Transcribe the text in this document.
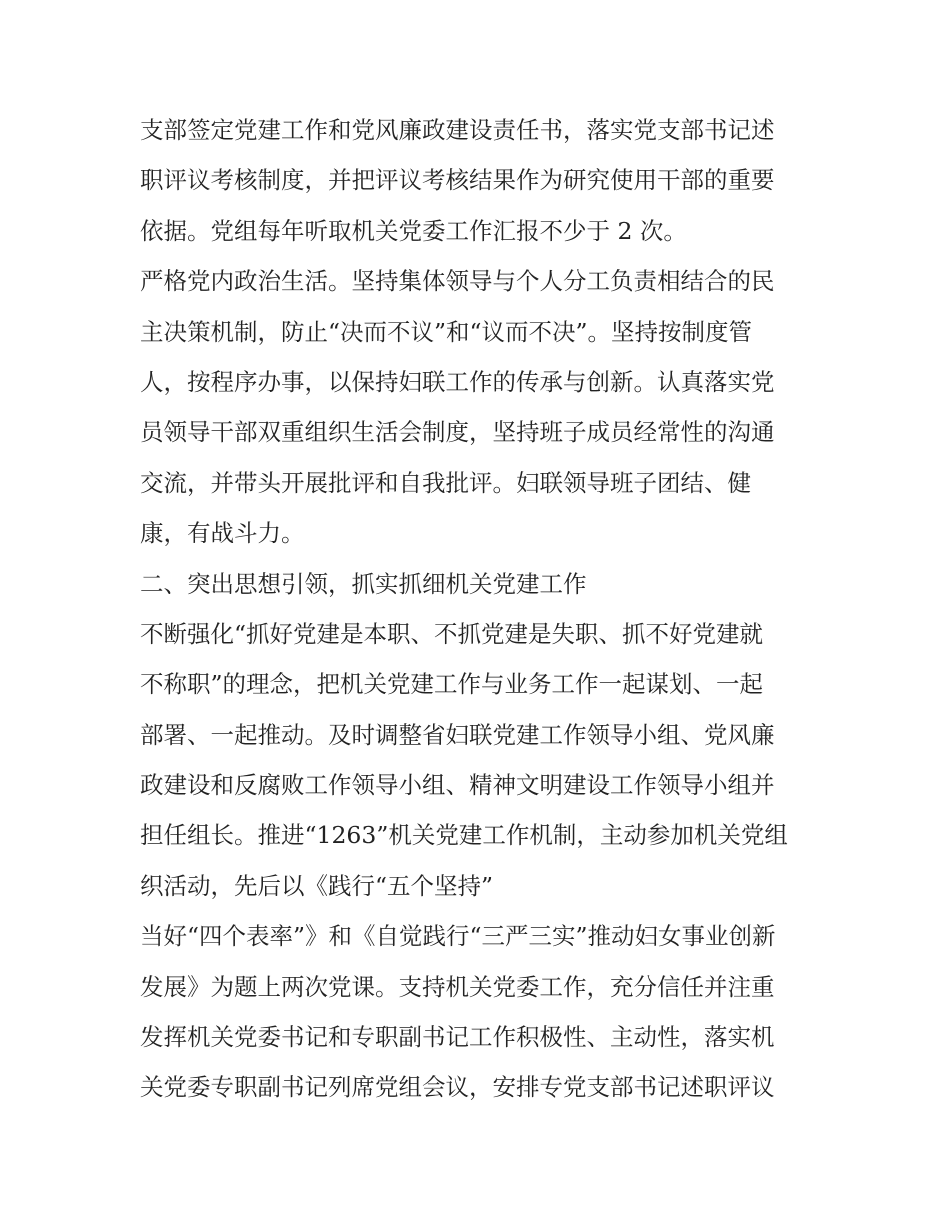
支部签定党建工作和党风廉政建设责任书，落实党支部书记述
职评议考核制度，并把评议考核结果作为研究使用干部的重要
依据。党组每年听取机关党委工作汇报不少于 2 次。
严格党内政治生活。坚持集体领导与个人分工负责相结合的民
主决策机制，防止“决而不议”和“议而不决”。坚持按制度管
人，按程序办事，以保持妇联工作的传承与创新。认真落实党
员领导干部双重组织生活会制度，坚持班子成员经常性的沟通
交流，并带头开展批评和自我批评。妇联领导班子团结、健
康，有战斗力。
二、突出思想引领，抓实抓细机关党建工作
不断强化“抓好党建是本职、不抓党建是失职、抓不好党建就
不称职”的理念，把机关党建工作与业务工作一起谋划、一起
部署、一起推动。及时调整省妇联党建工作领导小组、党风廉
政建设和反腐败工作领导小组、精神文明建设工作领导小组并
担任组长。推进“1263”机关党建工作机制，主动参加机关党组
织活动，先后以《践行“五个坚持”
当好“四个表率”》和《自觉践行“三严三实”推动妇女事业创新
发展》为题上两次党课。支持机关党委工作，充分信任并注重
发挥机关党委书记和专职副书记工作积极性、主动性，落实机
关党委专职副书记列席党组会议，安排专党支部书记述职评议
